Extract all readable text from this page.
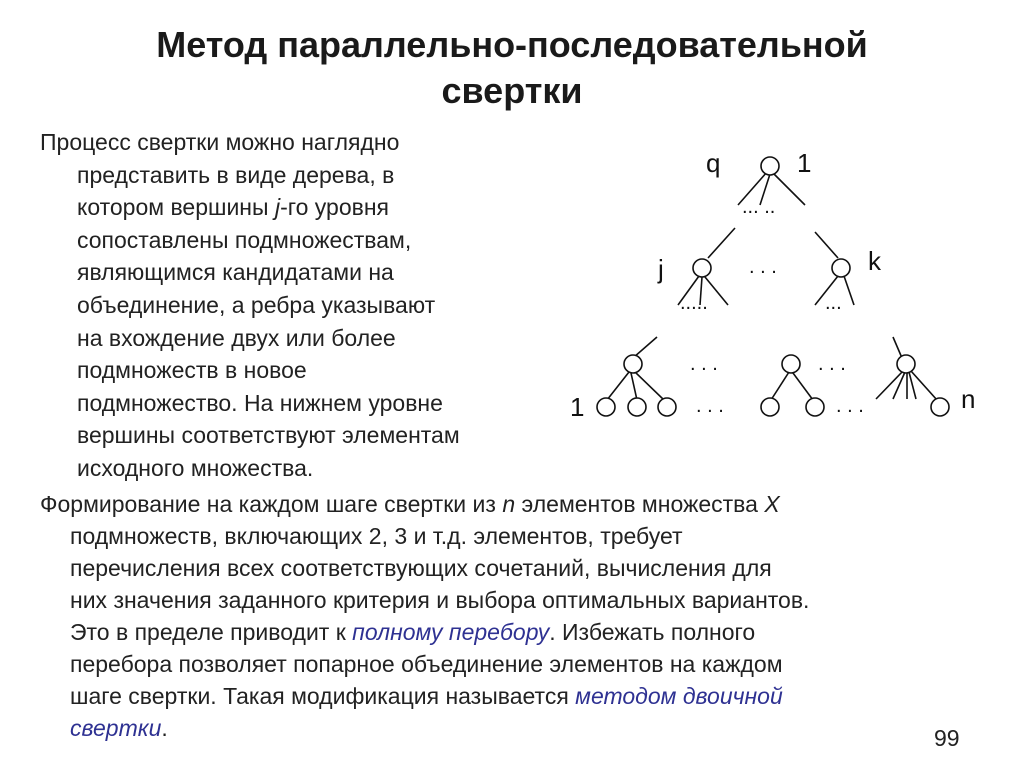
Метод параллельно-последовательной
свертки
Процесс свертки можно наглядно
представить в виде дерева, в
котором вершины j-го уровня
сопоставлены подмножествам,
являющимся кандидатами на
объединение, а ребра указывают
на вхождение двух или более
подмножеств в новое
подмножество. На нижнем уровне
вершины соответствуют элементам
исходного множества.
q	1
... ..
j	. . .	k
.....	...
. . .	. . .
1	. . .	. . .	n
Формирование на каждом шаге свертки из n элементов множества X
подмножеств, включающих 2, 3 и т.д. элементов, требует
перечисления всех соответствующих сочетаний, вычисления для
них значения заданного критерия и выбора оптимальных вариантов.
Это в пределе приводит к полному перебору. Избежать полного
перебора позволяет попарное объединение элементов на каждом
шаге свертки. Такая модификация называется методом двоичной
свертки.	99
